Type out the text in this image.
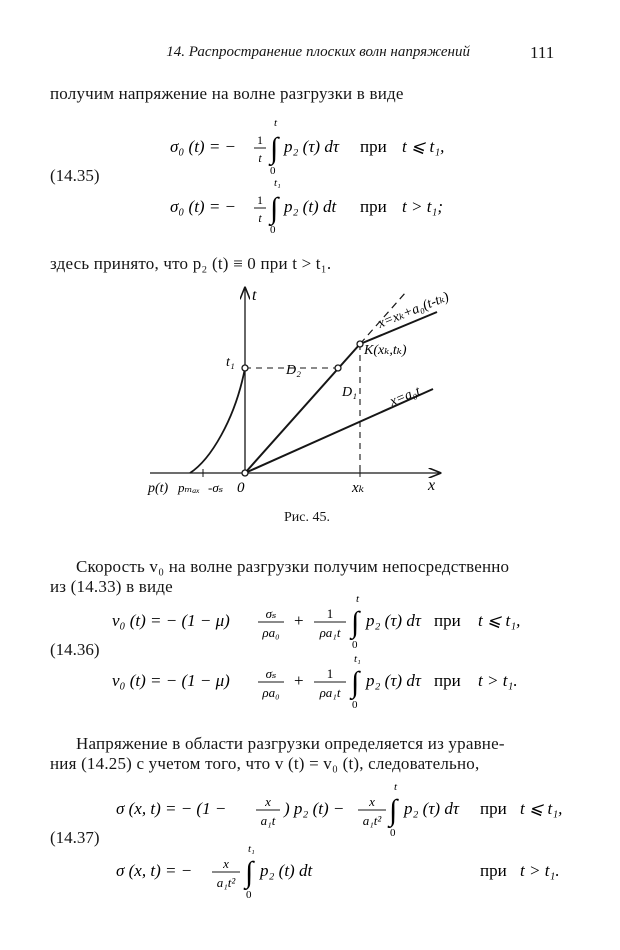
14. Распространение плоских волн напряжений	111
получим напряжение на волне разгрузки в виде
(14.35)
σ₀ (t) = − 1
t
t
∫
0
p₂ (τ) dτ при t ⩽ t₁,
σ₀ (t) = − 1
t
t₁
∫
0
p₂ (t) dt при t > t₁;
здесь принято, что p₂ (t) ≡ 0 при t > t₁.
t
x
t₁
D₂
D₁
K(xₖ,tₖ)
xₖ
0
p(t) pₘₐₓ -σₛ
x=xₖ+a₀(t-tₖ)
x=a₀t
Рис. 45.
Скорость v₀ на волне разгрузки получим непосредственно
из (14.33) в виде
(14.36)
v₀ (t) = − (1 − μ)	σₛ
ρa₀
+ 1
ρa₁t
t
∫
0
p₂ (τ) dτ при t ⩽ t₁,
v₀ (t) = − (1 − μ)	σₛ
ρa₀
+ 1
ρa₁t
t₁
∫
0
p₂ (τ) dτ при t > t₁.
Напряжение в области разгрузки определяется из уравне-
ния (14.25) с учетом того, что v (t) = v₀ (t), следовательно,
(14.37)
σ (x, t) = − (1 −	x
a₁t
) p₂ (t) − x
a₁t²
t
∫
0
p₂ (τ) dτ при t ⩽ t₁,
σ (x, t) = − x
a₁t²
t₁
∫
0
p₂ (t) dt	при t > t₁.
